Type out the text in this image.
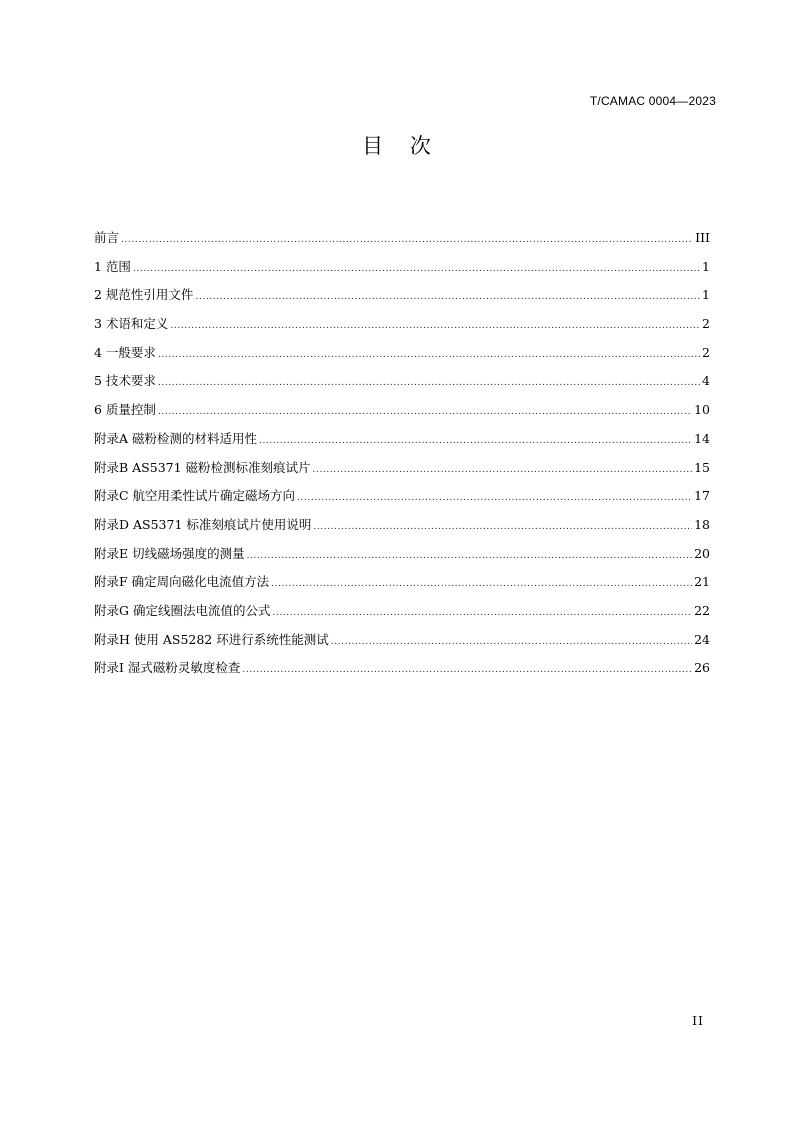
T/CAMAC 0004—2023
目    次
前言 .....	III
1 范围 .....	1
2 规范性引用文件 .....	1
3 术语和定义 .....	2
4 一般要求 .....	2
5 技术要求 .....	4
6 质量控制 .....	10
附录A 磁粉检测的材料适用性 .....	14
附录B AS5371 磁粉检测标准刻痕试片 .....	15
附录C 航空用柔性试片确定磁场方向 .....	17
附录D AS5371 标准刻痕试片使用说明 .....	18
附录E 切线磁场强度的测量 .....	20
附录F 确定周向磁化电流值方法 .....	21
附录G 确定线圈法电流值的公式 .....	22
附录H 使用 AS5282 环进行系统性能测试 .....	24
附录I 湿式磁粉灵敏度检查 .....	26
II
